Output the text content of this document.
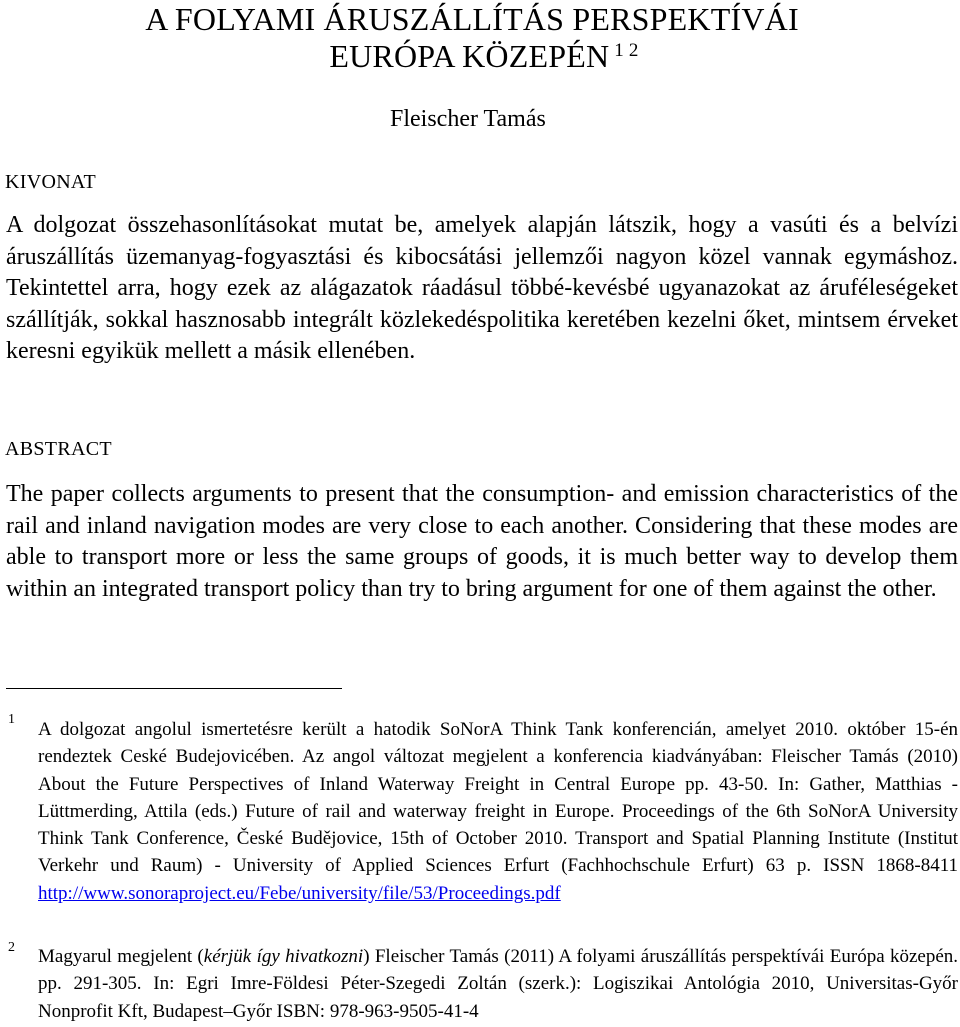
A FOLYAMI ÁRUSZÁLLÍTÁS PERSPEKTÍVÁI
EURÓPA KÖZEPÉN $^{1 2}$
Fleischer Tamás
KIVONAT

A dolgozat összehasonlításokat mutat be, amelyek alapján látszik, hogy a vasúti és a belvízi áruszállítás üzemanyag-fogyasztási és kibocsátási jellemzői nagyon közel vannak egymáshoz. Tekintettel arra, hogy ezek az alágazatok ráadásul többé-kevésbé ugyanazokat az áruféleségeket szállítják, sokkal hasznosabb integrált közlekedéspolitika keretében kezelni őket, mintsem érveket keresni egyikük mellett a másik ellenében.

ABSTRACT

The paper collects arguments to present that the consumption- and emission characteristics of the rail and inland navigation modes are very close to each another. Considering that these modes are able to transport more or less the same groups of goods, it is much better way to develop them within an integrated transport policy than try to bring argument for one of them against the other.

1 A dolgozat angolul ismertetésre került a hatodik SoNorA Think Tank konferencián, amelyet 2010. október 15-én rendeztek Ceské Budejovicében. Az angol változat megjelent a konferencia kiadványában: Fleischer Tamás (2010) About the Future Perspectives of Inland Waterway Freight in Central Europe pp. 43-50. In: Gather, Matthias - Lüttmerding, Attila (eds.) Future of rail and waterway freight in Europe. Proceedings of the 6th SoNorA University Think Tank Conference, České Budějovice, 15th of October 2010. Transport and Spatial Planning Institute (Institut Verkehr und Raum) - University of Applied Sciences Erfurt (Fachhochschule Erfurt) 63 p. ISSN 1868-8411 http://www.sonoraproject.eu/Febe/university/file/53/Proceedings.pdf

2 Magyarul megjelent (kérjük így hivatkozni) Fleischer Tamás (2011) A folyami áruszállítás perspektívái Európa közepén. pp. 291-305. In: Egri Imre-Földesi Péter-Szegedi Zoltán (szerk.): Logiszikai Antológia 2010, Universitas-Győr Nonprofit Kft, Budapest–Győr ISBN: 978-963-9505-41-4
